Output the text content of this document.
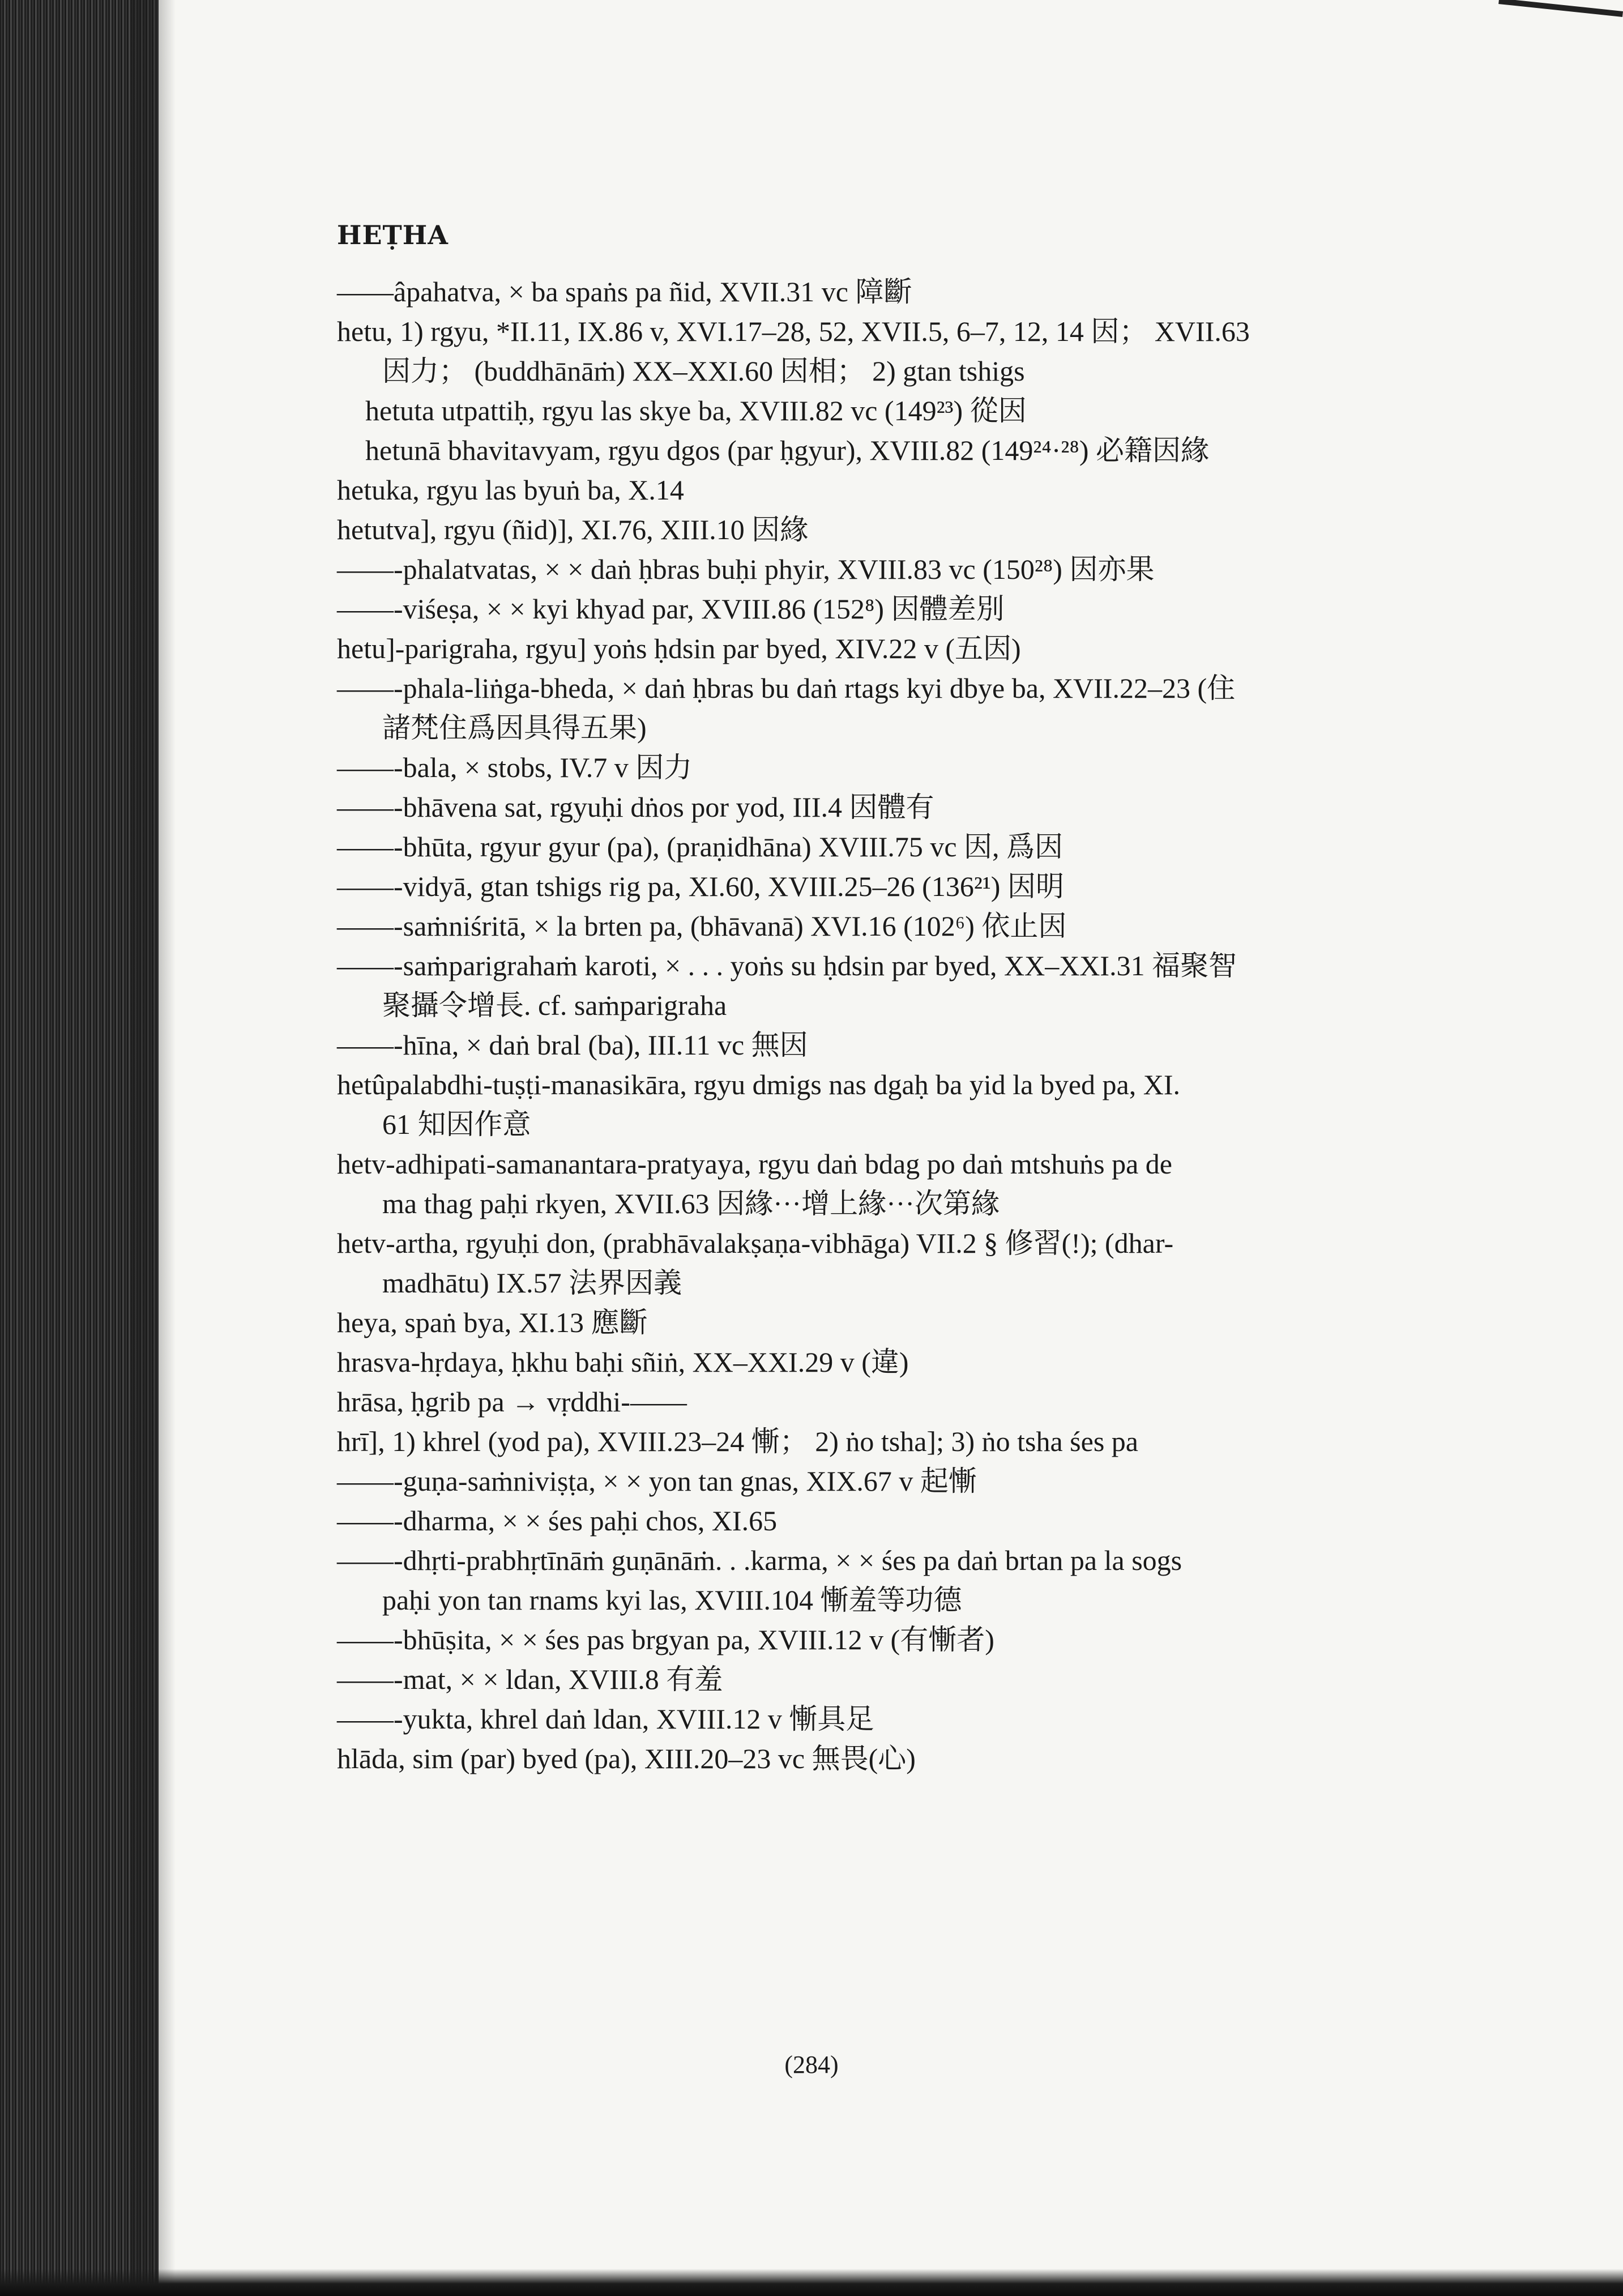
HEṬHA
——âpahatva, × ba spaṅs pa ñid, XVII.31 vc 障斷
hetu, 1) rgyu, *II.11, IX.86 v, XVI.17–28, 52, XVII.5, 6–7, 12, 14 因； XVII.63
因力； (buddhānāṁ) XX–XXI.60 因相； 2) gtan tshigs
hetuta utpattiḥ, rgyu las skye ba, XVIII.82 vc (149²³) 從因
hetunā bhavitavyam, rgyu dgos (par ḥgyur), XVIII.82 (149²⁴·²⁸) 必籍因緣
hetuka, rgyu las byuṅ ba, X.14
hetutva], rgyu (ñid)], XI.76, XIII.10 因緣
——-phalatvatas, × × daṅ ḥbras buḥi phyir, XVIII.83 vc (150²⁸) 因亦果
——-viśeṣa, × × kyi khyad par, XVIII.86 (152⁸) 因體差別
hetu]-parigraha, rgyu] yoṅs ḥdsin par byed, XIV.22 v (五因)
——-phala-liṅga-bheda, × daṅ ḥbras bu daṅ rtags kyi dbye ba, XVII.22–23 (住
諸梵住爲因具得五果)
——-bala, × stobs, IV.7 v 因力
——-bhāvena sat, rgyuḥi dṅos por yod, III.4 因體有
——-bhūta, rgyur gyur (pa), (praṇidhāna) XVIII.75 vc 因, 爲因
——-vidyā, gtan tshigs rig pa, XI.60, XVIII.25–26 (136²¹) 因明
——-saṁniśritā, × la brten pa, (bhāvanā) XVI.16 (102⁶) 依止因
——-saṁparigrahaṁ karoti, × . . . yoṅs su ḥdsin par byed, XX–XXI.31 福聚智
聚攝令增長. cf. saṁparigraha
——-hīna, × daṅ bral (ba), III.11 vc 無因
hetûpalabdhi-tuṣṭi-manasikāra, rgyu dmigs nas dgaḥ ba yid la byed pa, XI.
61 知因作意
hetv-adhipati-samanantara-pratyaya, rgyu daṅ bdag po daṅ mtshuṅs pa de
ma thag paḥi rkyen, XVII.63 因緣···增上緣···次第緣
hetv-artha, rgyuḥi don, (prabhāvalakṣaṇa-vibhāga) VII.2 § 修習(!); (dhar-
madhātu) IX.57 法界因義
heya, spaṅ bya, XI.13 應斷
hrasva-hṛdaya, ḥkhu baḥi sñiṅ, XX–XXI.29 v (違)
hrāsa, ḥgrib pa → vṛddhi-——
hrī], 1) khrel (yod pa), XVIII.23–24 慚； 2) ṅo tsha]; 3) ṅo tsha śes pa
——-guṇa-saṁniviṣṭa, × × yon tan gnas, XIX.67 v 起慚
——-dharma, × × śes paḥi chos, XI.65
——-dhṛti-prabhṛtīnāṁ guṇānāṁ. . .karma, × × śes pa daṅ brtan pa la sogs
paḥi yon tan rnams kyi las, XVIII.104 慚羞等功德
——-bhūṣita, × × śes pas brgyan pa, XVIII.12 v (有慚者)
——-mat, × × ldan, XVIII.8 有羞
——-yukta, khrel daṅ ldan, XVIII.12 v 慚具足
hlāda, sim (par) byed (pa), XIII.20–23 vc 無畏(心)
(284)
